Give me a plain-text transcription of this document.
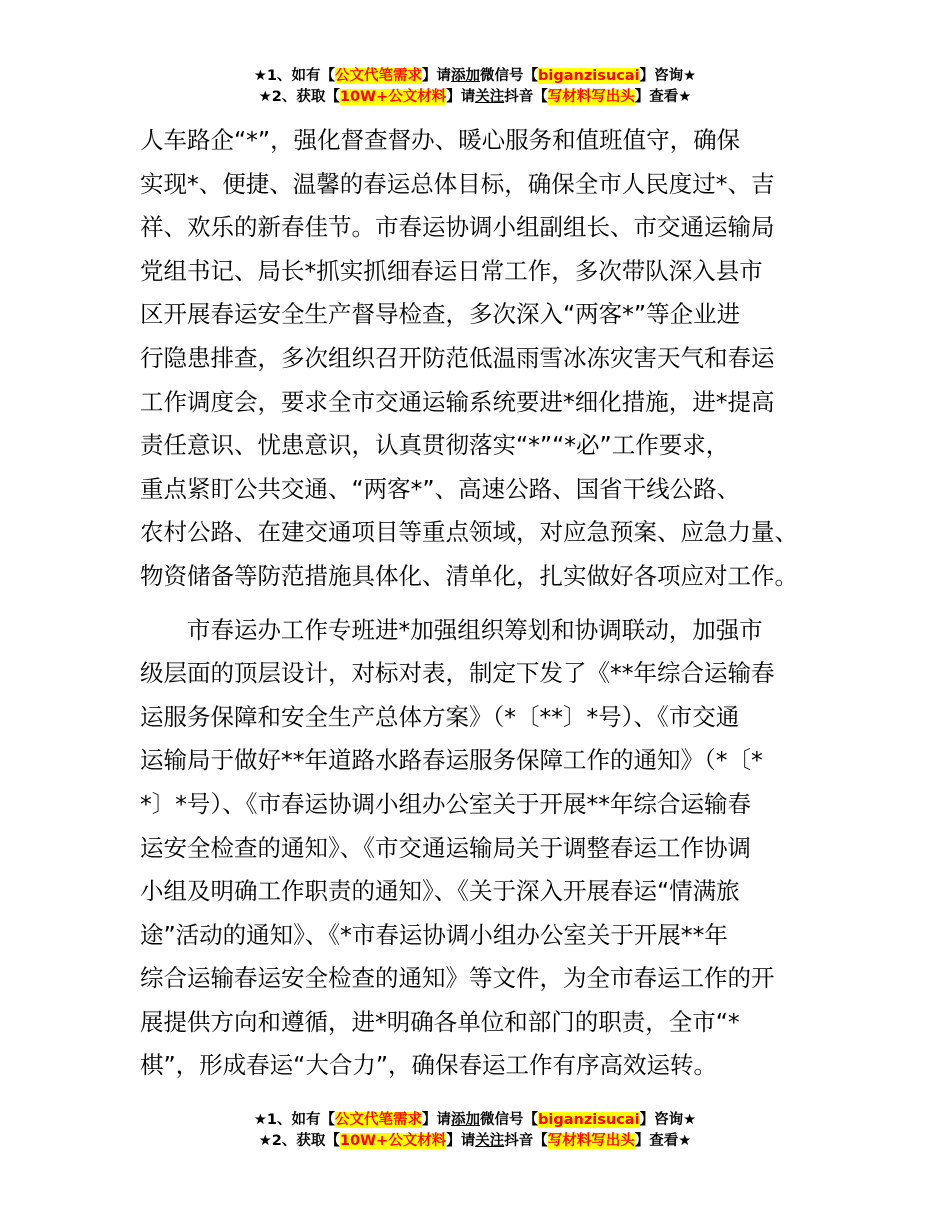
★1、如有【公文代笔需求】请添加微信号【biganzisucai】咨询★
★2、获取【10W+公文材料】请关注抖音【写材料写出头】查看★
人车路企“*”，强化督查督办、暖心服务和值班值守，确保
实现*、便捷、温馨的春运总体目标，确保全市人民度过*、吉
祥、欢乐的新春佳节。市春运协调小组副组长、市交通运输局
党组书记、局长*抓实抓细春运日常工作，多次带队深入县市
区开展春运安全生产督导检查，多次深入“两客*”等企业进
行隐患排查，多次组织召开防范低温雨雪冰冻灾害天气和春运
工作调度会，要求全市交通运输系统要进*细化措施，进*提高
责任意识、忧患意识，认真贯彻落实“*”“*必”工作要求，
重点紧盯公共交通、“两客*”、高速公路、国省干线公路、
农村公路、在建交通项目等重点领域，对应急预案、应急力量、
物资储备等防范措施具体化、清单化，扎实做好各项应对工作。
　　市春运办工作专班进*加强组织筹划和协调联动，加强市
级层面的顶层设计，对标对表，制定下发了《**年综合运输春
运服务保障和安全生产总体方案》（*〔**〕*号）、《市交通
运输局于做好**年道路水路春运服务保障工作的通知》（*〔*
*〕*号）、《市春运协调小组办公室关于开展**年综合运输春
运安全检查的通知》、《市交通运输局关于调整春运工作协调
小组及明确工作职责的通知》、《关于深入开展春运“情满旅
途”活动的通知》、《*市春运协调小组办公室关于开展**年
综合运输春运安全检查的通知》等文件，为全市春运工作的开
展提供方向和遵循，进*明确各单位和部门的职责，全市“*
棋”，形成春运“大合力”，确保春运工作有序高效运转。
★1、如有【公文代笔需求】请添加微信号【biganzisucai】咨询★
★2、获取【10W+公文材料】请关注抖音【写材料写出头】查看★
